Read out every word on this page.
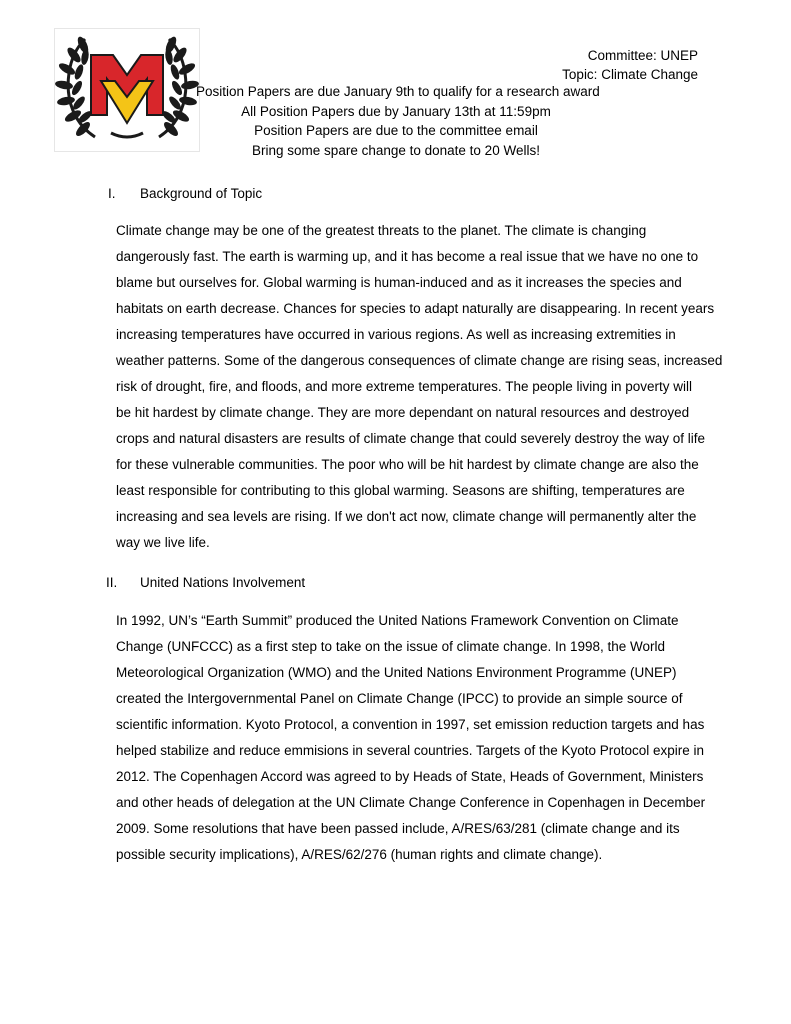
Committee: UNEP
Topic: Climate Change
Position Papers are due January 9th to qualify for a research award
All Position Papers due by January 13th at 11:59pm
Position Papers are due to the committee email
Bring some spare change to donate to 20 Wells!
I. Background of Topic
Climate change may be one of the greatest threats to the planet. The climate is changing
dangerously fast. The earth is warming up, and it has become a real issue that we have no one to
blame but ourselves for. Global warming is human-induced and as it increases the species and
habitats on earth decrease. Chances for species to adapt naturally are disappearing. In recent years
increasing temperatures have occurred in various regions. As well as increasing extremities in
weather patterns. Some of the dangerous consequences of climate change are rising seas, increased
risk of drought, fire, and floods, and more extreme temperatures. The people living in poverty will
be hit hardest by climate change. They are more dependant on natural resources and destroyed
crops and natural disasters are results of climate change that could severely destroy the way of life
for these vulnerable communities. The poor who will be hit hardest by climate change are also the
least responsible for contributing to this global warming. Seasons are shifting, temperatures are
increasing and sea levels are rising. If we don't act now, climate change will permanently alter the
way we live life.
II. United Nations Involvement
In 1992, UN’s “Earth Summit” produced the United Nations Framework Convention on Climate
Change (UNFCCC) as a first step to take on the issue of climate change. In 1998, the World
Meteorological Organization (WMO) and the United Nations Environment Programme (UNEP)
created the Intergovernmental Panel on Climate Change (IPCC) to provide an simple source of
scientific information. Kyoto Protocol, a convention in 1997, set emission reduction targets and has
helped stabilize and reduce emmisions in several countries. Targets of the Kyoto Protocol expire in
2012. The Copenhagen Accord was agreed to by Heads of State, Heads of Government, Ministers
and other heads of delegation at the UN Climate Change Conference in Copenhagen in December
2009. Some resolutions that have been passed include, A/RES/63/281 (climate change and its
possible security implications), A/RES/62/276 (human rights and climate change).
